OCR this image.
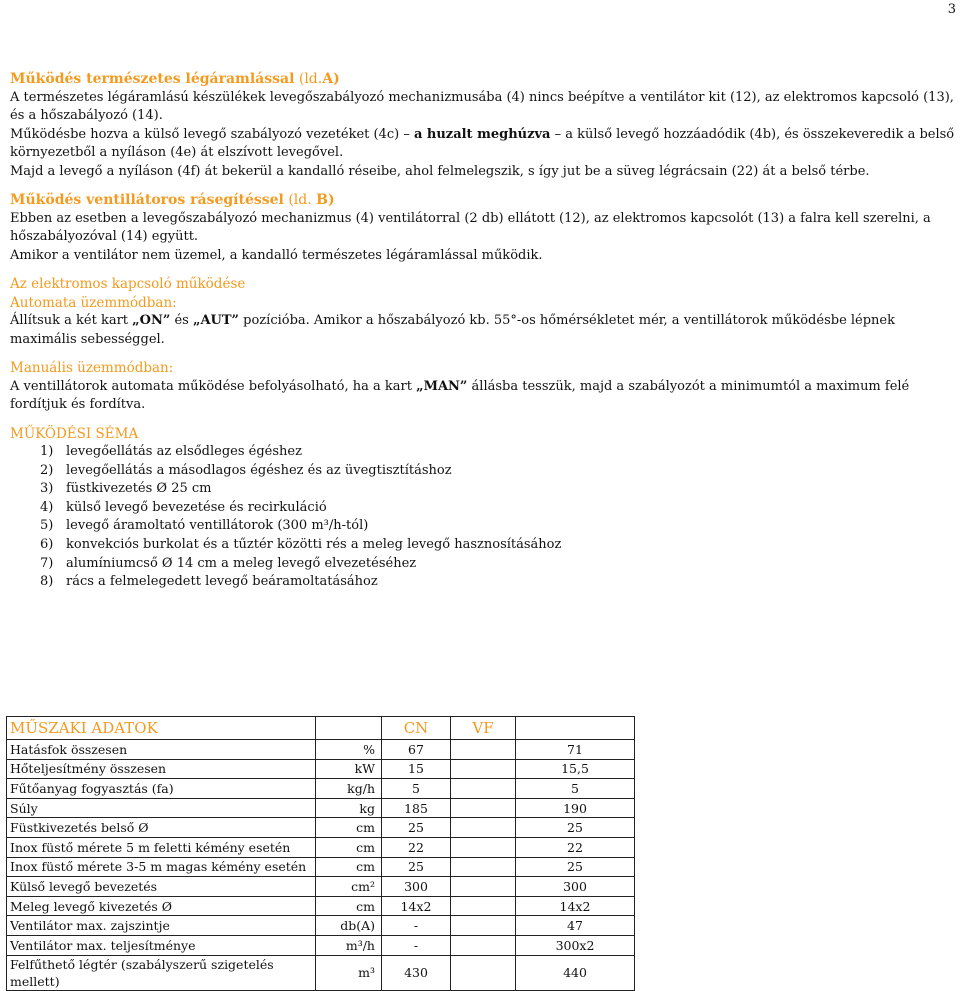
3
Működés természetes légáramlással (ld.A)

A természetes légáramlású készülékek levegőszabályozó mechanizmusába (4) nincs beépítve a ventilátor kit (12), az elektromos kapcsoló (13), és a hőszabályozó (14).

Működésbe hozva a külső levegő szabályozó vezetéket (4c) – a huzalt meghúzva – a külső levegő hozzáadódik (4b), és összekeveredik a belső környezetből a nyíláson (4e) át elszívott levegővel.

Majd a levegő a nyíláson (4f) át bekerül a kandalló réseibe, ahol felmelegszik, s így jut be a süveg légrácsain (22) át a belső térbe.

Működés ventillátoros rásegítéssel (ld. B)

Ebben az esetben a levegőszabályozó mechanizmus (4) ventilátorral (2 db) ellátott (12), az elektromos kapcsolót (13) a falra kell szerelni, a hőszabályozóval (14) együtt.

Amikor a ventilátor nem üzemel, a kandalló természetes légáramlással működik.

Az elektromos kapcsoló működése
Automata üzemmódban:

Állítsuk a két kart „ON” és „AUT” pozícióba. Amikor a hőszabályozó kb. 55°-os hőmérsékletet mér, a ventillátorok működésbe lépnek maximális sebességgel.

Manuális üzemmódban:

A ventillátorok automata működése befolyásolható, ha a kart „MAN” állásba tesszük, majd a szabályozót a minimumtól a maximum felé fordítjuk és fordítva.

MŰKÖDÉSI SÉMA
1) levegőellátás az elsődleges égéshez
2) levegőellátás a másodlagos égéshez és az üvegtisztításhoz
3) füstkivezetés Ø 25 cm
4) külső levegő bevezetése és recirkuláció
5) levegő áramoltató ventillátorok (300 m³/h-tól)
6) konvekciós burkolat és a tűztér közötti rés a meleg levegő hasznosításához
7) alumíniumcső Ø 14 cm a meleg levegő elvezetéséhez
8) rács a felmelegedett levegő beáramoltatásához
MŰSZAKI ADATOK		CN	VF	
Hatásfok összesen	%	67		71
Hőteljesítmény összesen	kW	15		15,5
Fűtőanyag fogyasztás (fa)	kg/h	5		5
Súly	kg	185		190
Füstkivezetés belső Ø	cm	25		25
Inox füstő mérete 5 m feletti kémény esetén	cm	22		22
Inox füstő mérete 3-5 m magas kémény esetén	cm	25		25
Külső levegő bevezetés	cm²	300		300
Meleg levegő kivezetés Ø	cm	14x2		14x2
Ventilátor max. zajszintje	db(A)	-		47
Ventilátor max. teljesítménye	m³/h	-		300x2
Felfűthető légtér (szabályszerű szigetelés mellett)	m³	430		440
